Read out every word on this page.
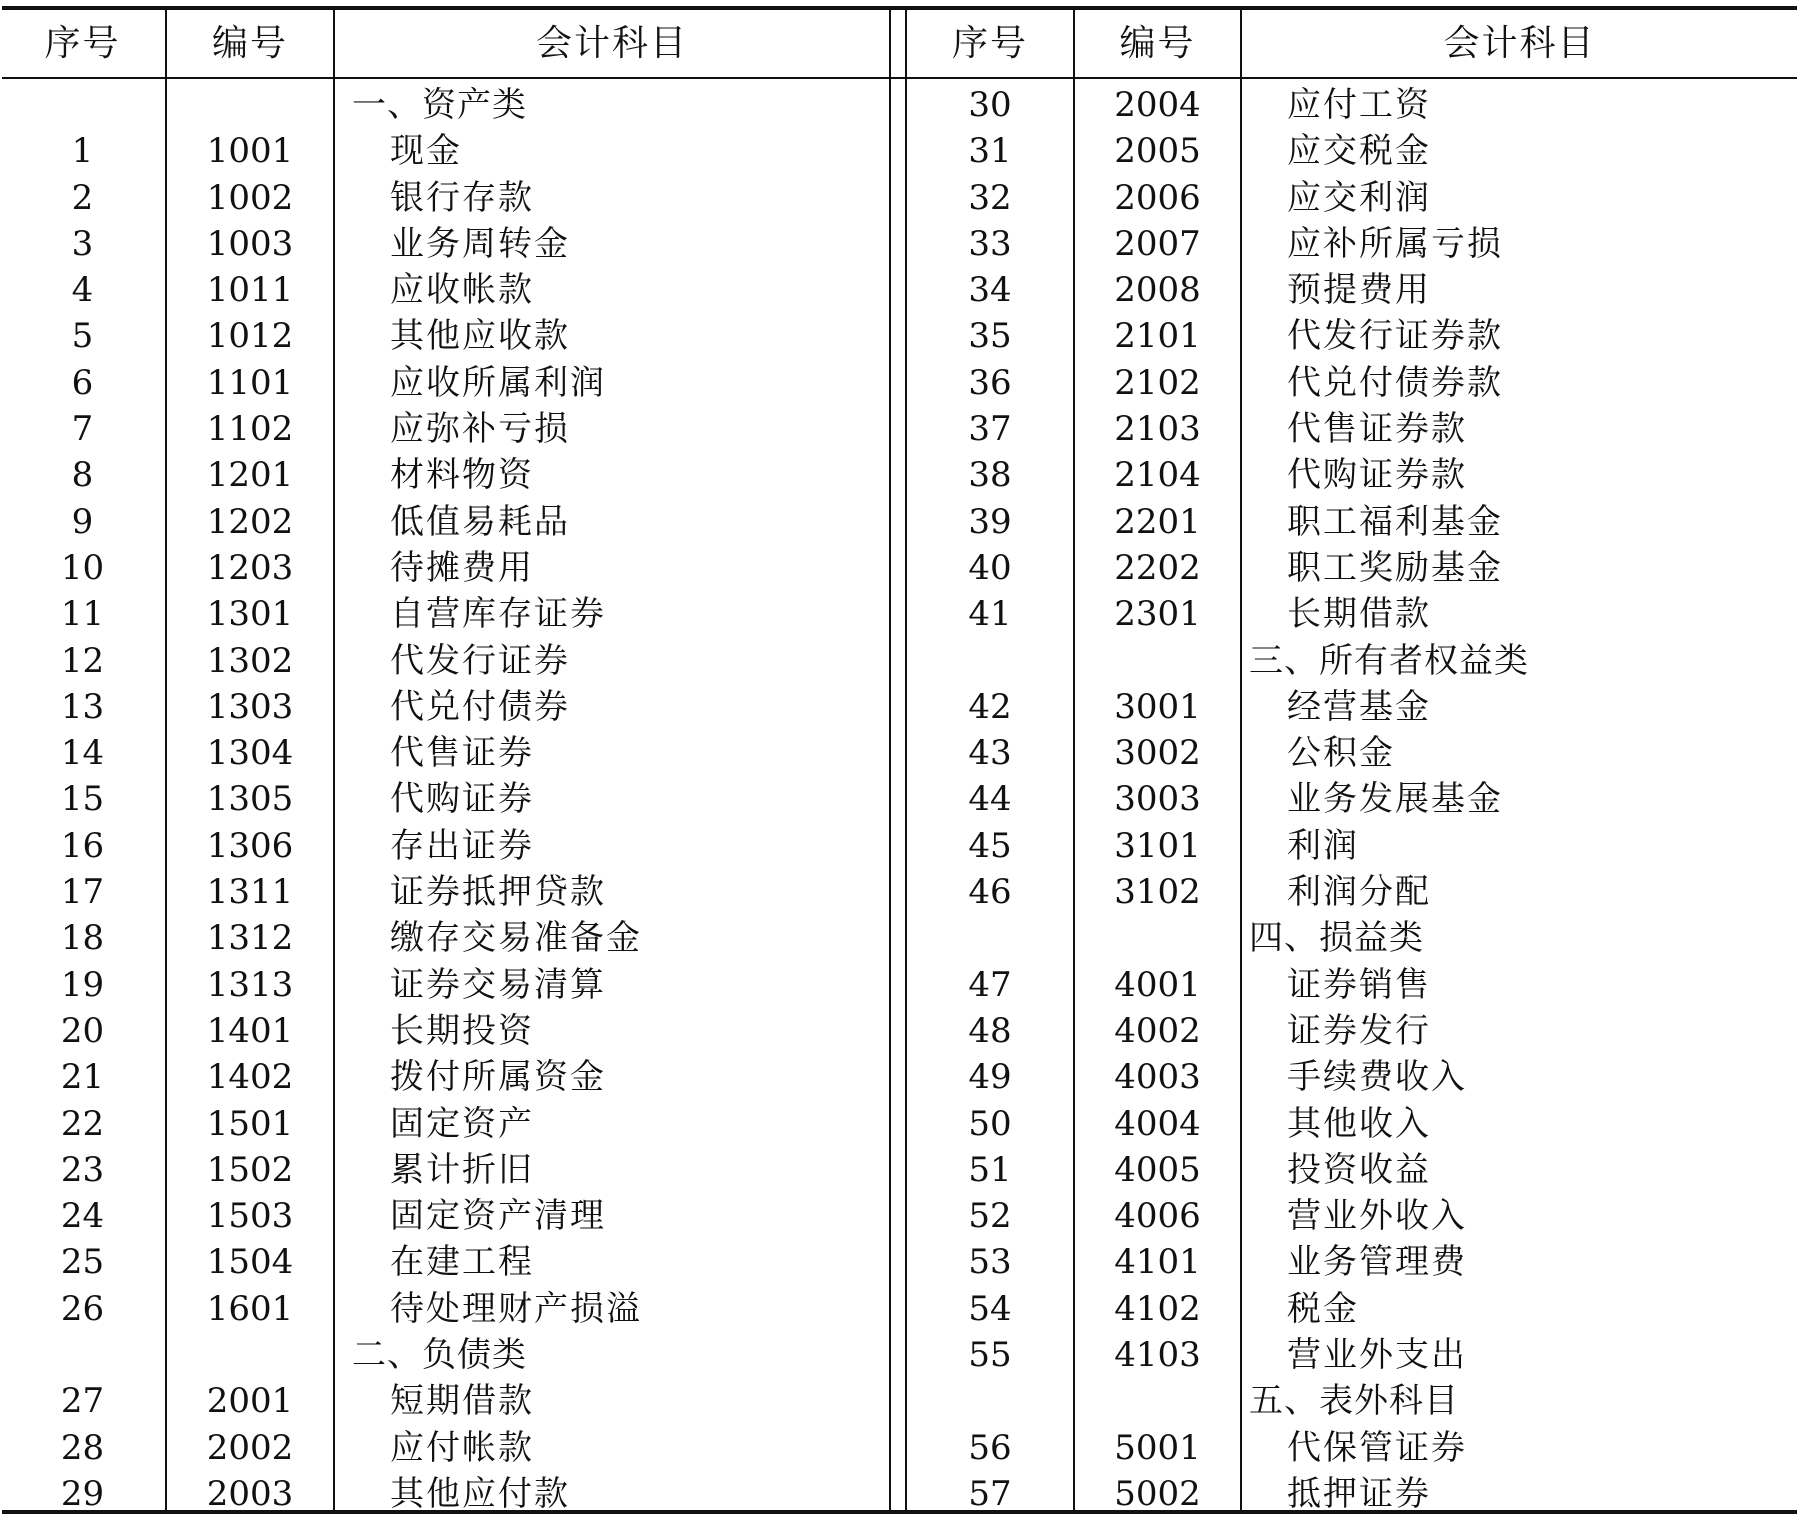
序号	编号	会计科目	序号	编号	会计科目
一、资产类
1	1001	现金
2	1002	银行存款
3	1003	业务周转金
4	1011	应收帐款
5	1012	其他应收款
6	1101	应收所属利润
7	1102	应弥补亏损
8	1201	材料物资
9	1202	低值易耗品
10	1203	待摊费用
11	1301	自营库存证券
12	1302	代发行证券
13	1303	代兑付债券
14	1304	代售证券
15	1305	代购证券
16	1306	存出证券
17	1311	证券抵押贷款
18	1312	缴存交易准备金
19	1313	证券交易清算
20	1401	长期投资
21	1402	拨付所属资金
22	1501	固定资产
23	1502	累计折旧
24	1503	固定资产清理
25	1504	在建工程
26	1601	待处理财产损溢
二、负债类
27	2001	短期借款
28	2002	应付帐款
29	2003	其他应付款
30	2004	应付工资
31	2005	应交税金
32	2006	应交利润
33	2007	应补所属亏损
34	2008	预提费用
35	2101	代发行证券款
36	2102	代兑付债券款
37	2103	代售证券款
38	2104	代购证券款
39	2201	职工福利基金
40	2202	职工奖励基金
41	2301	长期借款
三、所有者权益类
42	3001	经营基金
43	3002	公积金
44	3003	业务发展基金
45	3101	利润
46	3102	利润分配
四、损益类
47	4001	证券销售
48	4002	证券发行
49	4003	手续费收入
50	4004	其他收入
51	4005	投资收益
52	4006	营业外收入
53	4101	业务管理费
54	4102	税金
55	4103	营业外支出
五、表外科目
56	5001	代保管证券
57	5002	抵押证券
